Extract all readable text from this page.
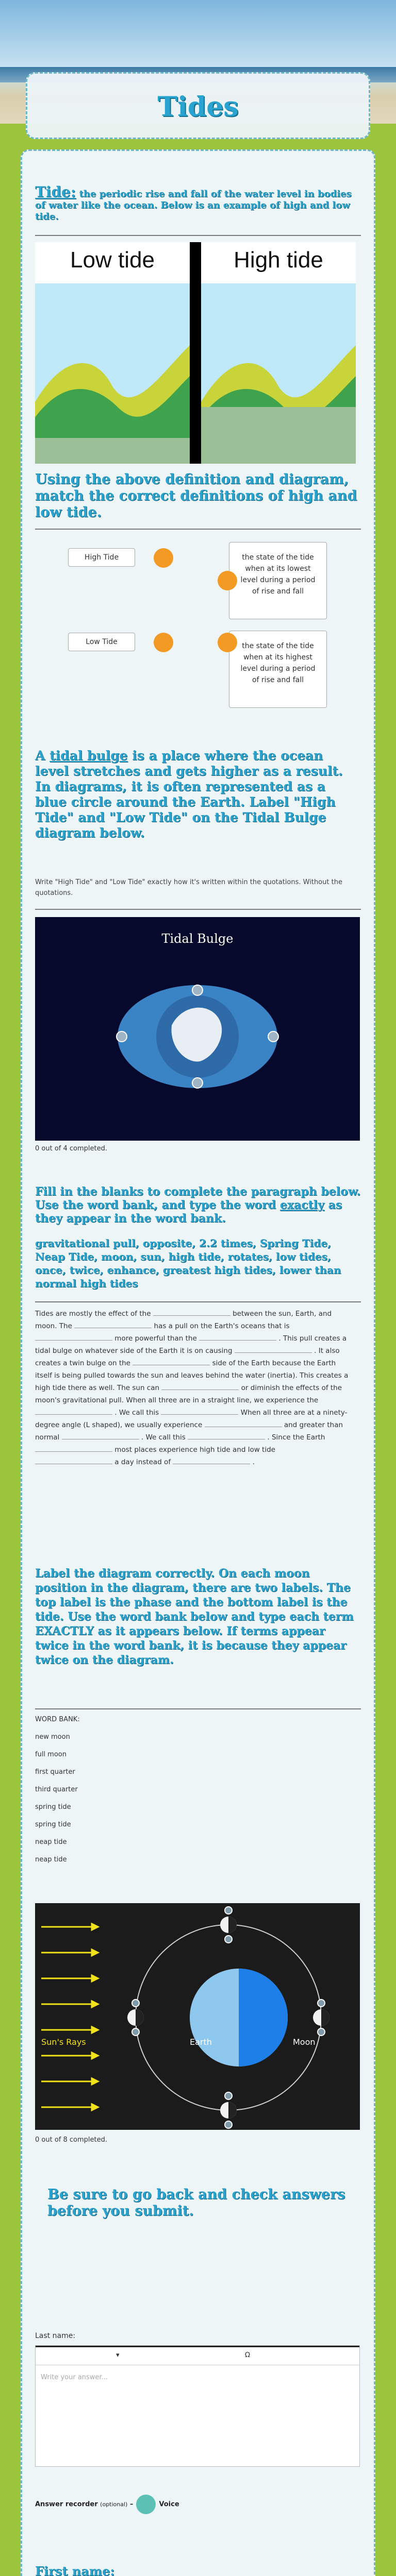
Tides
Tide: the periodic rise and fall of the water level in bodies of water like the ocean. Below is an example of high and low tide.
Low tide	High tide
Using the above definition and diagram, match the correct definitions of high and low tide.
High Tide	the state of the tide when at its lowest level during a period of rise and fall
Low Tide	the state of the tide when at its highest level during a period of rise and fall
A tidal bulge is a place where the ocean level stretches and gets higher as a result. In diagrams, it is often represented as a blue circle around the Earth. Label "High Tide" and "Low Tide" on the Tidal Bulge diagram below.
Write "High Tide" and "Low Tide" exactly how it's written within the quotations. Without the quotations.
Tidal Bulge
0 out of 4 completed.
Fill in the blanks to complete the paragraph below. Use the word bank, and type the word exactly as they appear in the word bank.
gravitational pull, opposite, 2.2 times, Spring Tide, Neap Tide, moon, sun, high tide, rotates, low tides, once, twice, enhance, greatest high tides, lower than normal high tides
Tides are mostly the effect of the	between the sun, Earth, and moon. The	has a pull on the Earth's oceans that is  more powerful than the	. This pull creates a tidal bulge on whatever side of the Earth it is on causing	. It also creates a twin bulge on the	side of the Earth because the Earth itself is being pulled towards the sun and leaves behind the water (inertia). This creates a high tide there as well. The sun can	or diminish the effects of the moon's gravitational pull. When all three are in a straight line, we experience the  . We call this	When all three are at a ninety-degree angle (L shaped), we usually experience	and greater than normal	. We call this	. Since the Earth  most places experience high tide and low tide  a day instead of	.
Label the diagram correctly. On each moon position in the diagram, there are two labels. The top label is the phase and the bottom label is the tide. Use the word bank below and type each term EXACTLY as it appears below. If terms appear twice in the word bank, it is because they appear twice on the diagram.
WORD BANK:
new moon
full moon
first quarter
third quarter
spring tide
spring tide
neap tide
neap tide
Sun's Rays	Earth	Moon
0 out of 8 completed.
Be sure to go back and check answers before you submit.
Last name:
▾	Ω
Write your answer...
Answer recorder (optional) –	Voice
First name:
